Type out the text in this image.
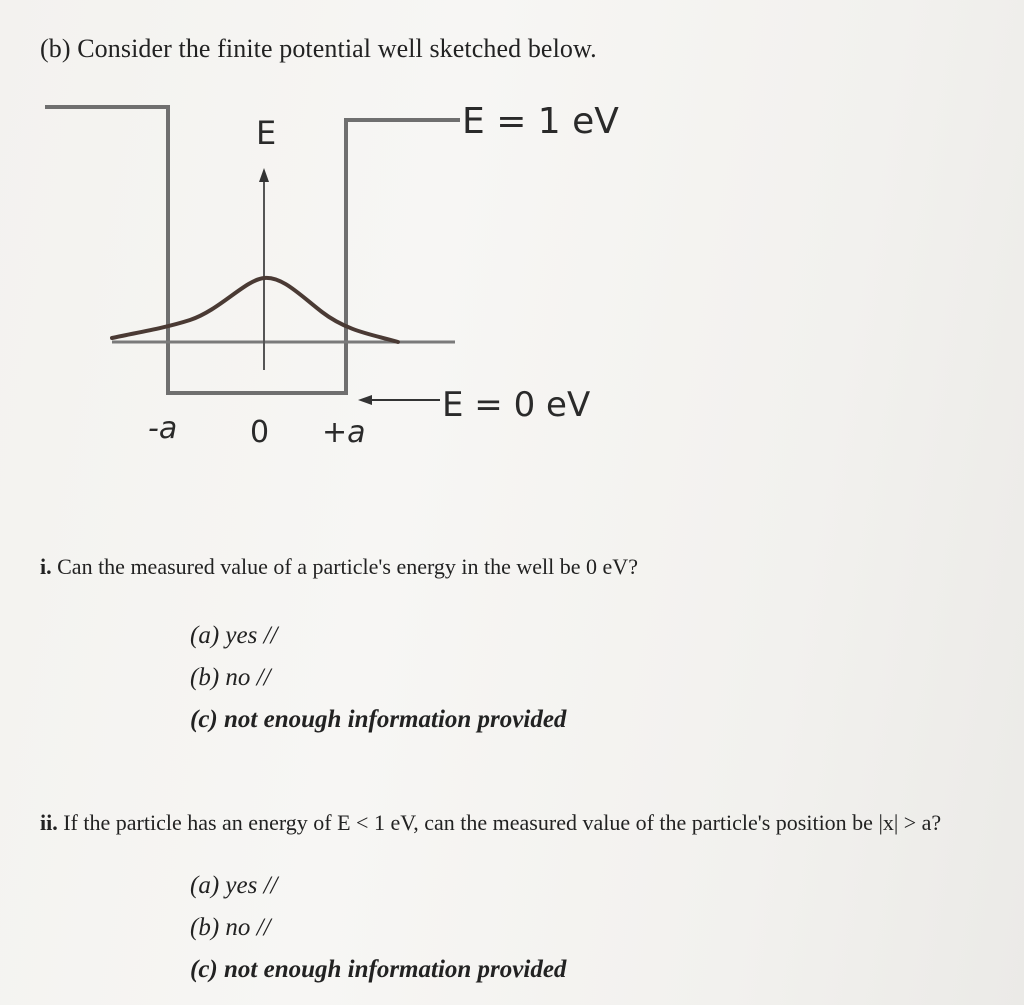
(b) Consider the finite potential well sketched below.
E	E = 1 eV
E = 0 eV
-a 0 +a
i. Can the measured value of a particle's energy in the well be 0 eV?
(a) yes //
(b) no //
(c) not enough information provided
ii. If the particle has an energy of E < 1 eV, can the measured value of the particle's position be |x| > a?
(a) yes //
(b) no //
(c) not enough information provided
